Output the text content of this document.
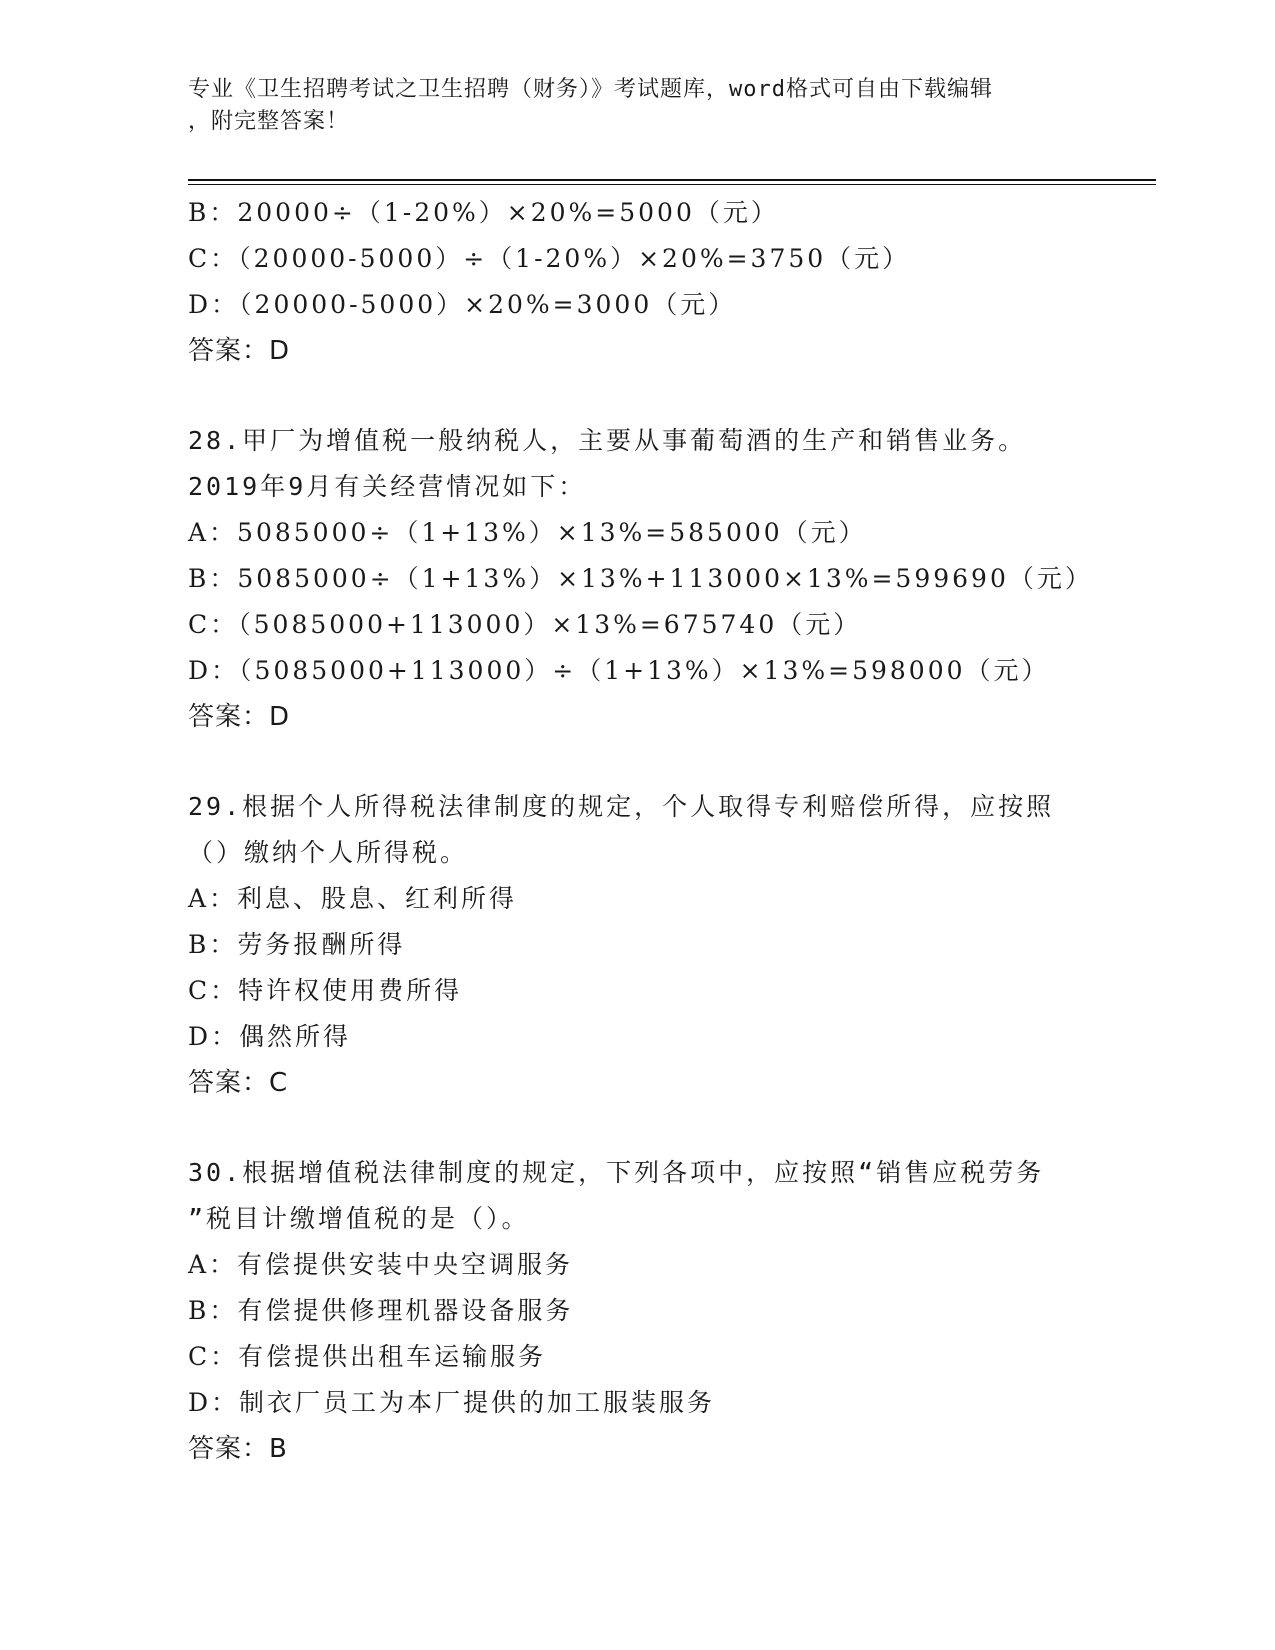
专业《卫生招聘考试之卫生招聘（财务）》考试题库，word格式可自由下载编辑

，附完整答案！

B：20000÷（1-20%）×20%=5000（元）
C：（20000-5000）÷（1-20%）×20%=3750（元）
D：（20000-5000）×20%=3000（元）
答案：D
28.甲厂为增值税一般纳税人，主要从事葡萄酒的生产和销售业务。
2019年9月有关经营情况如下：
A：5085000÷（1+13%）×13%=585000（元）
B：5085000÷（1+13%）×13%+113000×13%=599690（元）
C：（5085000+113000）×13%=675740（元）
D：（5085000+113000）÷（1+13%）×13%=598000（元）
答案：D
29.根据个人所得税法律制度的规定，个人取得专利赔偿所得，应按照
（）缴纳个人所得税。
A：利息、股息、红利所得
B：劳务报酬所得
C：特许权使用费所得
D：偶然所得
答案：C
30.根据增值税法律制度的规定，下列各项中，应按照“销售应税劳务
”税目计缴增值税的是（）。
A：有偿提供安装中央空调服务
B：有偿提供修理机器设备服务
C：有偿提供出租车运输服务
D：制衣厂员工为本厂提供的加工服装服务
答案：B
